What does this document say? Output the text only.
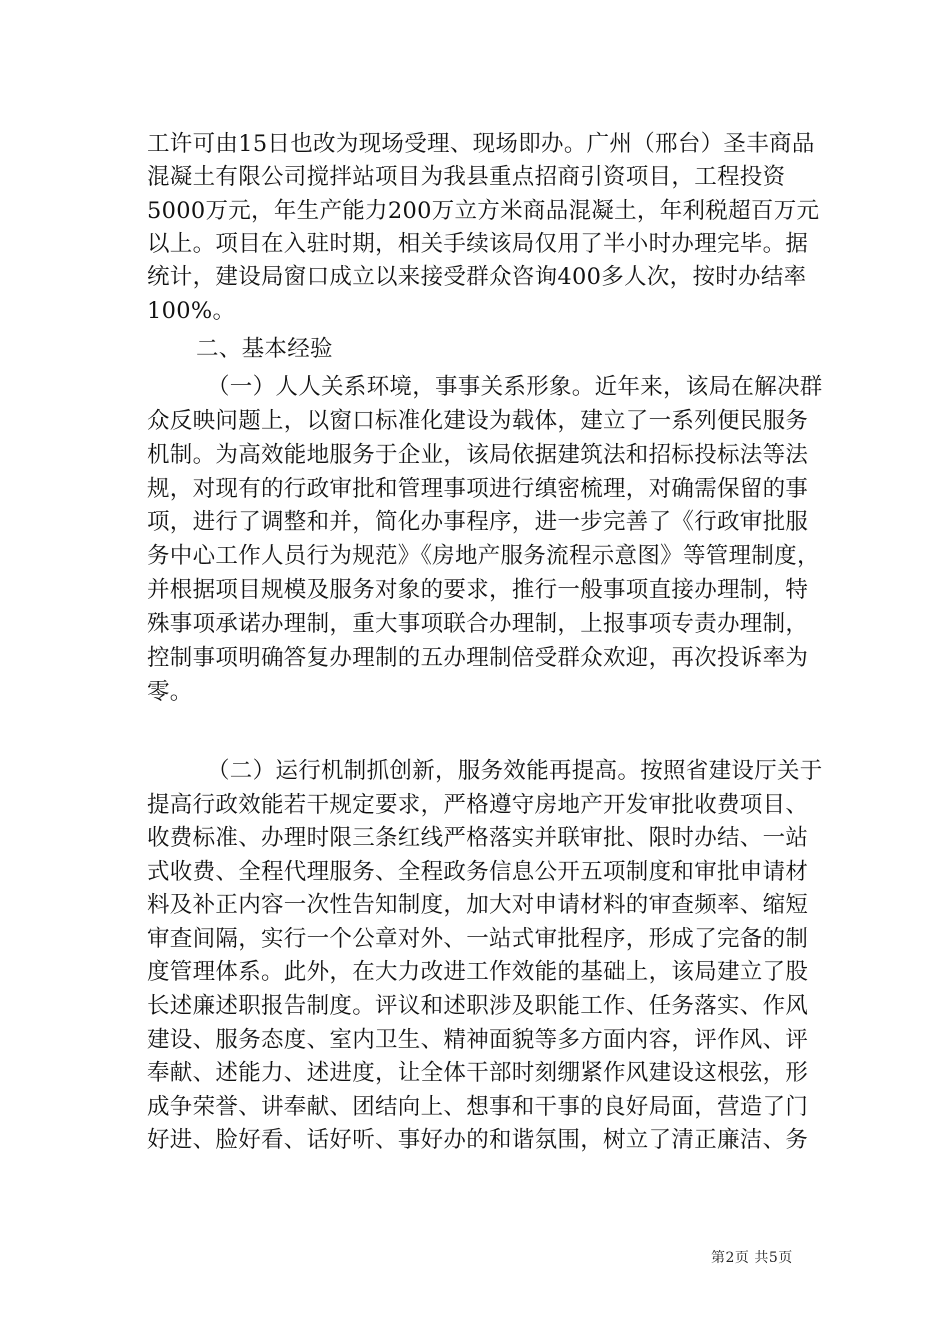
工许可由15日也改为现场受理、现场即办。广州（邢台）圣丰商品

混凝土有限公司搅拌站项目为我县重点招商引资项目，工程投资

5000万元，年生产能力200万立方米商品混凝土，年利税超百万元

以上。项目在入驻时期，相关手续该局仅用了半小时办理完毕。据

统计，建设局窗口成立以来接受群众咨询400多人次，按时办结率

100%。

二、基本经验

（一）人人关系环境，事事关系形象。近年来，该局在解决群

众反映问题上，以窗口标准化建设为载体，建立了一系列便民服务

机制。为高效能地服务于企业，该局依据建筑法和招标投标法等法

规，对现有的行政审批和管理事项进行缜密梳理，对确需保留的事

项，进行了调整和并，简化办事程序，进一步完善了《行政审批服

务中心工作人员行为规范》《房地产服务流程示意图》等管理制度，

并根据项目规模及服务对象的要求，推行一般事项直接办理制，特

殊事项承诺办理制，重大事项联合办理制，上报事项专责办理制，

控制事项明确答复办理制的五办理制倍受群众欢迎，再次投诉率为

零。

（二）运行机制抓创新，服务效能再提高。按照省建设厅关于

提高行政效能若干规定要求，严格遵守房地产开发审批收费项目、

收费标准、办理时限三条红线严格落实并联审批、限时办结、一站

式收费、全程代理服务、全程政务信息公开五项制度和审批申请材

料及补正内容一次性告知制度，加大对申请材料的审查频率、缩短

审查间隔，实行一个公章对外、一站式审批程序，形成了完备的制

度管理体系。此外，在大力改进工作效能的基础上，该局建立了股

长述廉述职报告制度。评议和述职涉及职能工作、任务落实、作风

建设、服务态度、室内卫生、精神面貌等多方面内容，评作风、评

奉献、述能力、述进度，让全体干部时刻绷紧作风建设这根弦，形

成争荣誉、讲奉献、团结向上、想事和干事的良好局面，营造了门

好进、脸好看、话好听、事好办的和谐氛围，树立了清正廉洁、务

第2页 共5页
